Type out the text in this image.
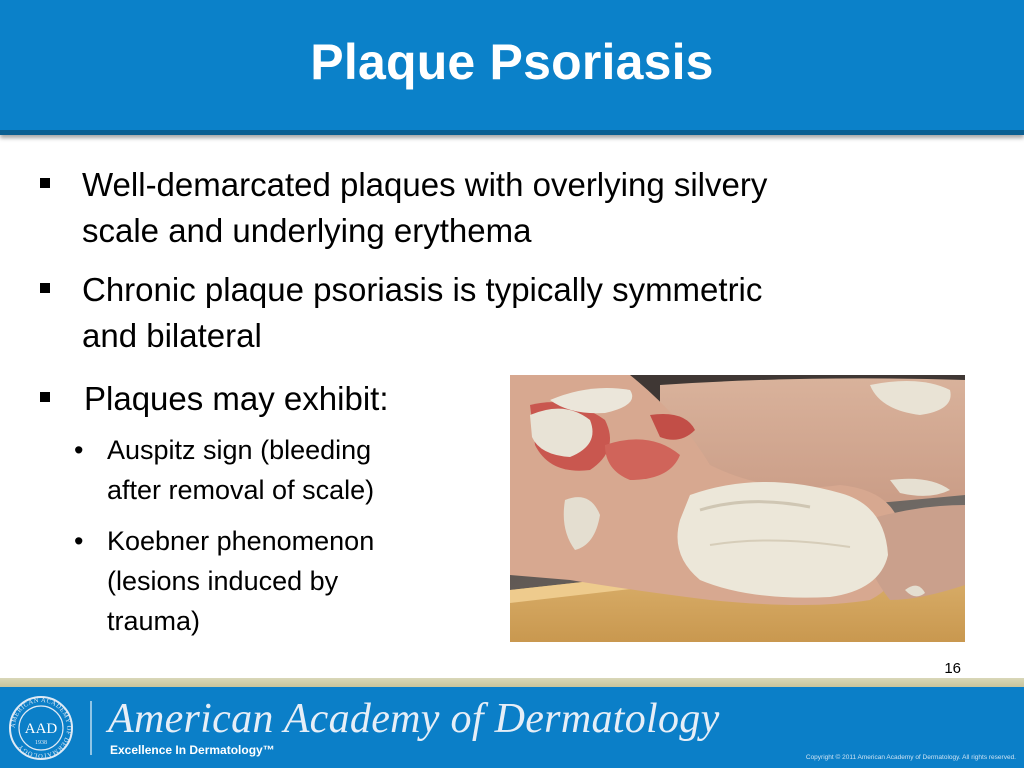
Plaque Psoriasis
Well-demarcated plaques with overlying silvery
scale and underlying erythema
Chronic plaque psoriasis is typically symmetric
and bilateral
Plaques may exhibit:
• Auspitz sign (bleeding
after removal of scale)
• Koebner phenomenon
(lesions induced by
trauma)
16
AMERICAN ACADEMY OF DERMATOLOGY
AAD
1938
American Academy of Dermatology
Excellence In Dermatology™
Copyright © 2011 American Academy of Dermatology. All rights reserved.
